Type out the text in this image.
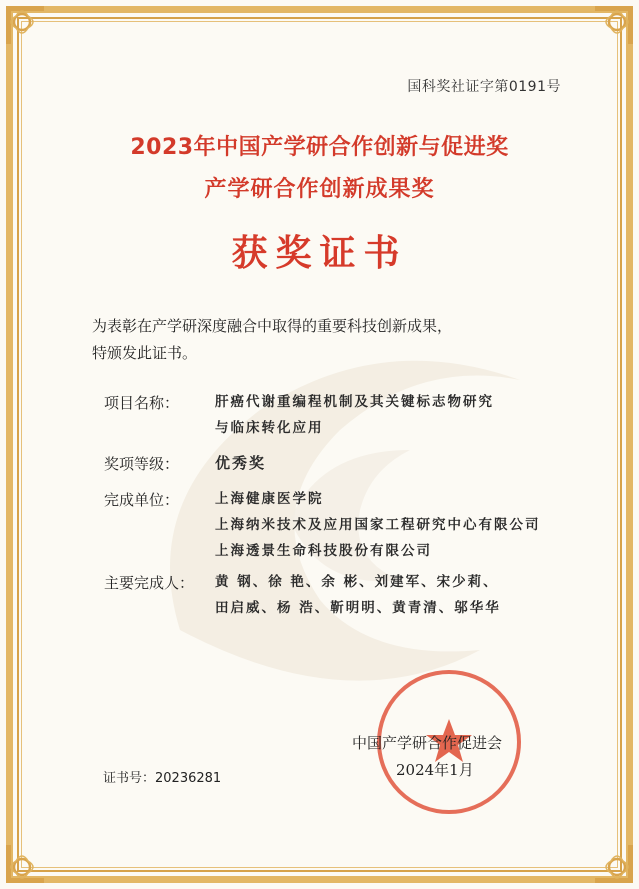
国科奖社证字第0191号
2023年中国产学研合作创新与促进奖
产学研合作创新成果奖
获奖证书
为表彰在产学研深度融合中取得的重要科技创新成果，
特颁发此证书。
项目名称：	肝癌代谢重编程机制及其关键标志物研究
与临床转化应用
奖项等级： 优秀奖
完成单位：	上海健康医学院
上海纳米技术及应用国家工程研究中心有限公司
上海透景生命科技股份有限公司
主要完成人： 黄 钢、徐 艳、余 彬、刘建军、宋少莉、
田启威、杨 浩、靳明明、黄青清、邬华华
中国产学研合作促进会
2024年1月
证书号：20236281
